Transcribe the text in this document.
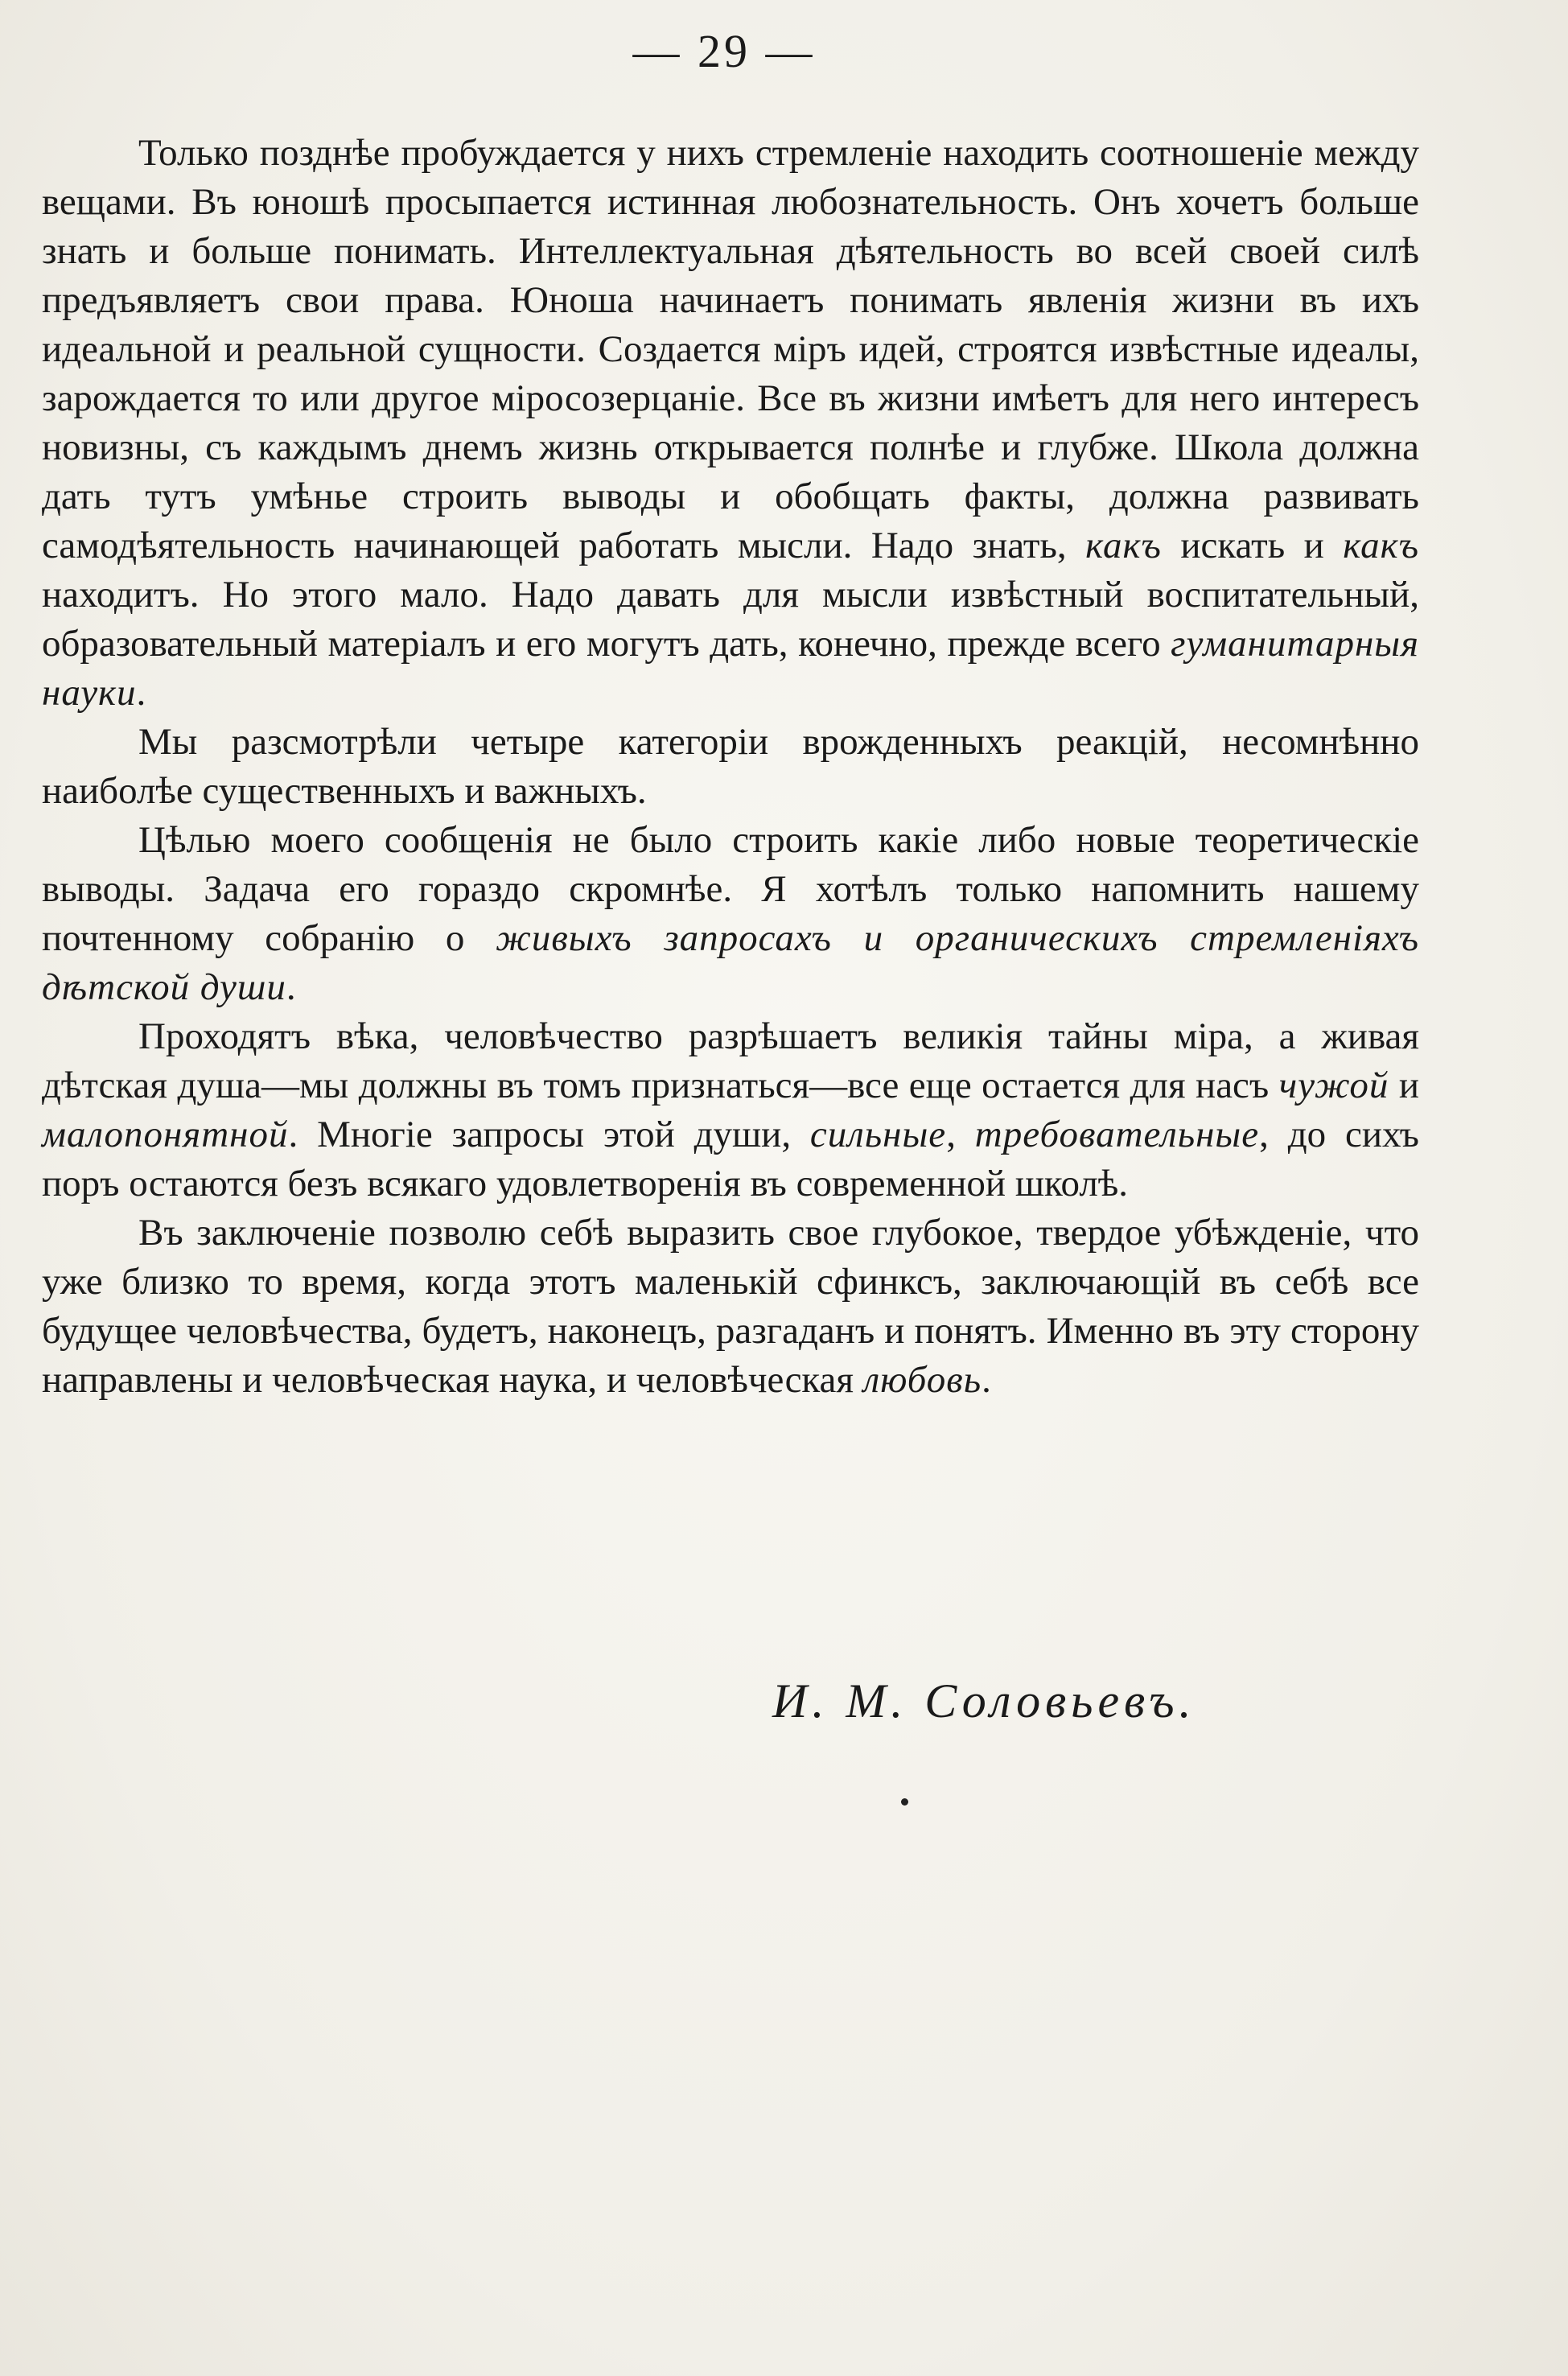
— 29 —

Только позднѣе пробуждается у нихъ стремленіе находить соотношеніе между вещами. Въ юношѣ просыпается истинная любознательность. Онъ хочетъ больше знать и больше понимать. Интеллектуальная дѣятельность во всей своей силѣ предъявляетъ свои права. Юноша начинаетъ понимать явленія жизни въ ихъ идеальной и реальной сущности. Создается міръ идей, строятся извѣстные идеалы, зарождается то или другое міросозерцаніе. Все въ жизни имѣетъ для него интересъ новизны, съ каждымъ днемъ жизнь открывается полнѣе и глубже. Школа должна дать тутъ умѣнье строить выводы и обобщать факты, должна развивать самодѣятельность начинающей работать мысли. Надо знать, какъ искать и какъ находитъ. Но этого мало. Надо давать для мысли извѣстный воспитательный, образовательный матеріалъ и его могутъ дать, конечно, прежде всего гуманитарныя науки.

Мы разсмотрѣли четыре категоріи врожденныхъ реакцій, несомнѣнно наиболѣе существенныхъ и важныхъ.

Цѣлью моего сообщенія не было строить какіе либо новые теоретическіе выводы. Задача его гораздо скромнѣе. Я хотѣлъ только напомнить нашему почтенному собранію о живыхъ запросахъ и органическихъ стремленіяхъ дѣтской души.

Проходятъ вѣка, человѣчество разрѣшаетъ великія тайны міра, а живая дѣтская душа—мы должны въ томъ признаться—все еще остается для насъ чужой и малопонятной. Многіе запросы этой души, сильные, требовательные, до сихъ поръ остаются безъ всякаго удовлетворенія въ современной школѣ.

Въ заключеніе позволю себѣ выразить свое глубокое, твердое убѣжденіе, что уже близко то время, когда этотъ маленькій сфинксъ, заключающій въ себѣ все будущее человѣчества, будетъ, наконецъ, разгаданъ и понятъ. Именно въ эту сторону направлены и человѣческая наука, и человѣческая любовь.

И. М. Соловьевъ.
